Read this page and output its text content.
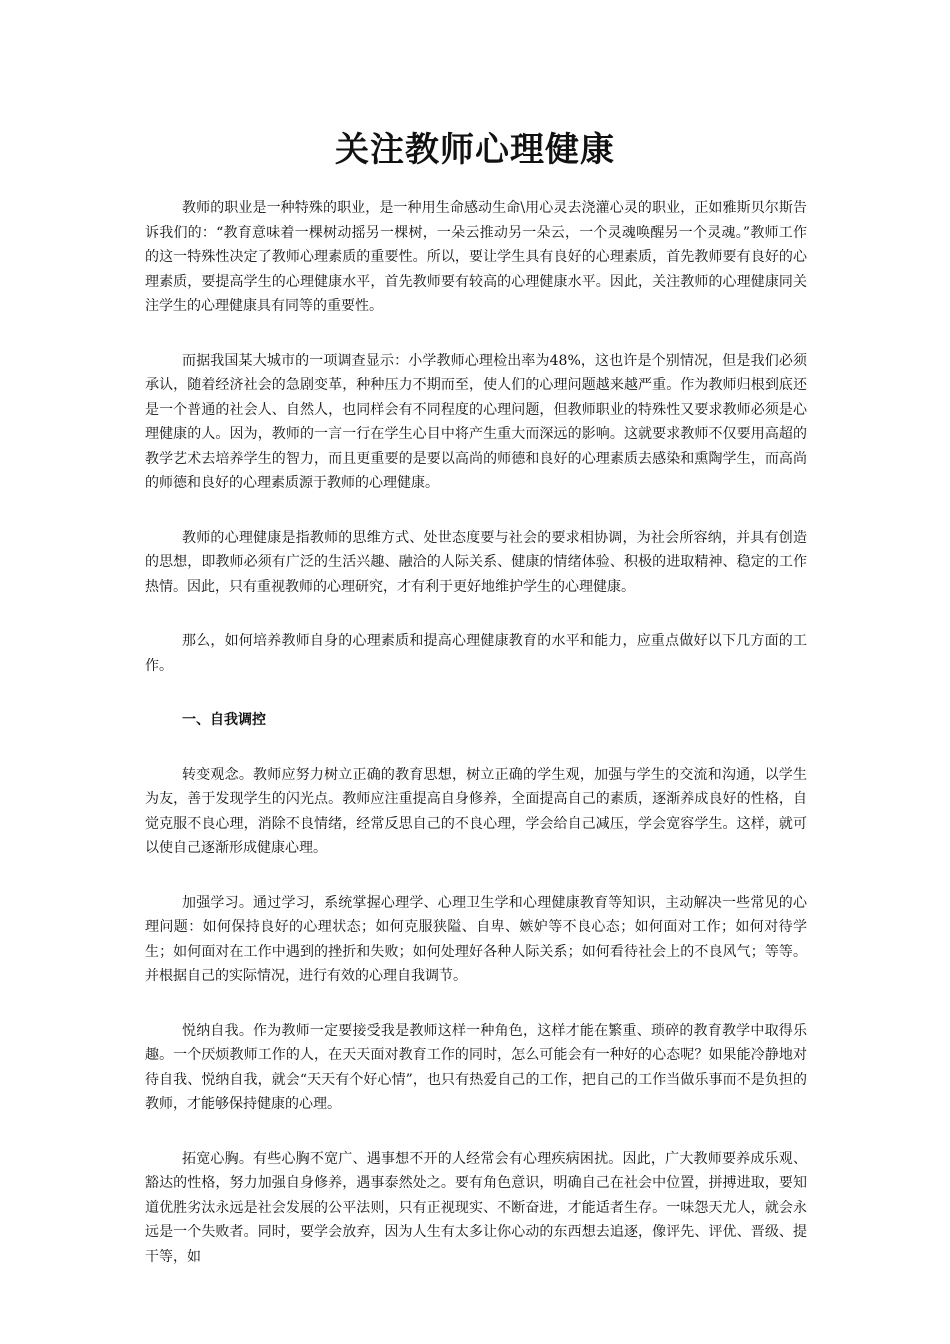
关注教师心理健康

教师的职业是一种特殊的职业，是一种用生命感动生命\用心灵去浇灌心灵的职业，正如雅斯贝尔斯告诉我们的：“教育意味着一棵树动摇另一棵树，一朵云推动另一朵云，一个灵魂唤醒另一个灵魂。”教师工作的这一特殊性决定了教师心理素质的重要性。所以，要让学生具有良好的心理素质，首先教师要有良好的心理素质，要提高学生的心理健康水平，首先教师要有较高的心理健康水平。因此，关注教师的心理健康同关注学生的心理健康具有同等的重要性。

而据我国某大城市的一项调查显示：小学教师心理检出率为48%，这也许是个别情况，但是我们必须承认，随着经济社会的急剧变革，种种压力不期而至，使人们的心理问题越来越严重。作为教师归根到底还是一个普通的社会人、自然人，也同样会有不同程度的心理问题，但教师职业的特殊性又要求教师必须是心理健康的人。因为，教师的一言一行在学生心目中将产生重大而深远的影响。这就要求教师不仅要用高超的教学艺术去培养学生的智力，而且更重要的是要以高尚的师德和良好的心理素质去感染和熏陶学生，而高尚的师德和良好的心理素质源于教师的心理健康。

教师的心理健康是指教师的思维方式、处世态度要与社会的要求相协调，为社会所容纳，并具有创造的思想，即教师必须有广泛的生活兴趣、融洽的人际关系、健康的情绪体验、积极的进取精神、稳定的工作热情。因此，只有重视教师的心理研究，才有利于更好地维护学生的心理健康。

那么，如何培养教师自身的心理素质和提高心理健康教育的水平和能力，应重点做好以下几方面的工作。

一、自我调控

转变观念。教师应努力树立正确的教育思想，树立正确的学生观，加强与学生的交流和沟通，以学生为友，善于发现学生的闪光点。教师应注重提高自身修养，全面提高自己的素质，逐渐养成良好的性格，自觉克服不良心理，消除不良情绪，经常反思自己的不良心理，学会给自己减压，学会宽容学生。这样，就可以使自己逐渐形成健康心理。

加强学习。通过学习，系统掌握心理学、心理卫生学和心理健康教育等知识，主动解决一些常见的心理问题：如何保持良好的心理状态；如何克服狭隘、自卑、嫉妒等不良心态；如何面对工作；如何对待学生；如何面对在工作中遇到的挫折和失败；如何处理好各种人际关系；如何看待社会上的不良风气；等等。并根据自己的实际情况，进行有效的心理自我调节。

悦纳自我。作为教师一定要接受我是教师这样一种角色，这样才能在繁重、琐碎的教育教学中取得乐趣。一个厌烦教师工作的人，在天天面对教育工作的同时，怎么可能会有一种好的心态呢？如果能冷静地对待自我、悦纳自我，就会“天天有个好心情”，也只有热爱自己的工作，把自己的工作当做乐事而不是负担的教师，才能够保持健康的心理。

拓宽心胸。有些心胸不宽广、遇事想不开的人经常会有心理疾病困扰。因此，广大教师要养成乐观、豁达的性格，努力加强自身修养，遇事泰然处之。要有角色意识，明确自己在社会中位置，拼搏进取，要知道优胜劣汰永远是社会发展的公平法则，只有正视现实、不断奋进，才能适者生存。一味怨天尤人，就会永远是一个失败者。同时，要学会放弃，因为人生有太多让你心动的东西想去追逐，像评先、评优、晋级、提干等，如
